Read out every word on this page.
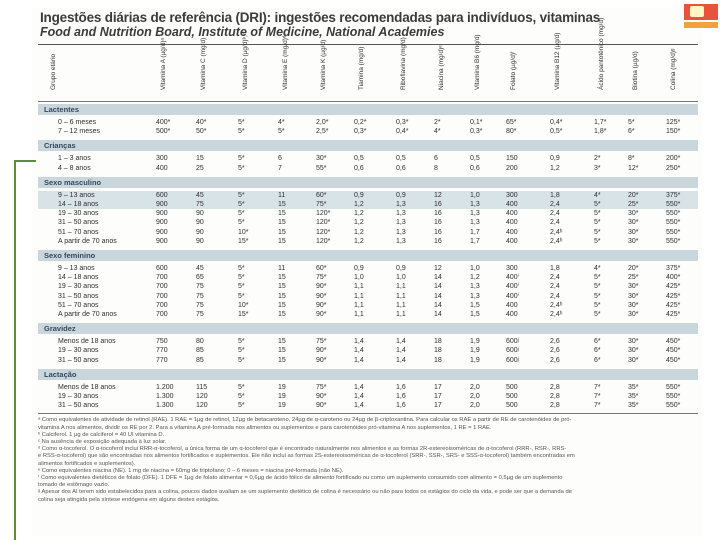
Ingestões diárias de referência (DRI): ingestões recomendadas para indivíduos, vitaminas
Food and Nutrition Board, Institute of Medicine, National Academies
Grupo etário	Vitamina A (µg/d)ᵃ	Vitamina C (mg/d)	Vitamina D (µg/d)ᵇ,ᶜ	Vitamina E (mg/d)ᵈ	Vitamina K (µg/d)	Tiamina (mg/d)	Riboflavina (mg/d)	Niacina (mg/d)ᵉ	Vitamina B6 (mg/d)	Folato (µg/d)ᶠ	Vitamina B12 (µg/d)	Ácido pantotênico (mg/d)	Biotina (µg/d)	Colina (mg/d)ᵍ
Lactentes
0 – 6 meses	400*	40*	5*	4*	2,0*	0,2*	0,3*	2*	0,1*	65*	0,4*	1,7*	5*	125*
7 – 12 meses	500*	50*	5*	5*	2,5*	0,3*	0,4*	4*	0,3*	80*	0,5*	1,8*	6*	150*
Crianças
1 – 3 anos	300	15	5*	6	30*	0,5	0,5	6	0,5	150	0,9	2*	8*	200*
4 – 8 anos	400	25	5*	7	55*	0,6	0,6	8	0,6	200	1,2	3*	12*	250*
Sexo masculino
9 – 13 anos	600	45	5*	11	60*	0,9	0,9	12	1,0	300	1,8	4*	20*	375*
14 – 18 anos	900	75	5*	15	75*	1,2	1,3	16	1,3	400	2,4	5*	25*	550*
19 – 30 anos	900	90	5*	15	120*	1,2	1,3	16	1,3	400	2,4	5*	30*	550*
31 – 50 anos	900	90	5*	15	120*	1,2	1,3	16	1,3	400	2,4	5*	30*	550*
51 – 70 anos	900	90	10*	15	120*	1,2	1,3	16	1,7	400	2,4ʰ	5*	30*	550*
A partir de 70 anos	900	90	15*	15	120*	1,2	1,3	16	1,7	400	2,4ʰ	5*	30*	550*
Sexo feminino
9 – 13 anos	600	45	5*	11	60*	0,9	0,9	12	1,0	300	1,8	4*	20*	375*
14 – 18 anos	700	65	5*	15	75*	1,0	1,0	14	1,2	400ⁱ	2,4	5*	25*	400*
19 – 30 anos	700	75	5*	15	90*	1,1	1,1	14	1,3	400ⁱ	2,4	5*	30*	425*
31 – 50 anos	700	75	5*	15	90*	1,1	1,1	14	1,3	400ⁱ	2,4	5*	30*	425*
51 – 70 anos	700	75	10*	15	90*	1,1	1,1	14	1,5	400	2,4ʰ	5*	30*	425*
A partir de 70 anos	700	75	15*	15	90*	1,1	1,1	14	1,5	400	2,4ʰ	5*	30*	425*
Gravidez
Menos de 18 anos	750	80	5*	15	75*	1,4	1,4	18	1,9	600ʲ	2,6	6*	30*	450*
19 – 30 anos	770	85	5*	15	90*	1,4	1,4	18	1,9	600ʲ	2,6	6*	30*	450*
31 – 50 anos	770	85	5*	15	90*	1,4	1,4	18	1,9	600ʲ	2,6	6*	30*	450*
Lactação
Menos de 18 anos	1.200	115	5*	19	75*	1,4	1,6	17	2,0	500	2,8	7*	35*	550*
19 – 30 anos	1.300	120	5*	19	90*	1,4	1,6	17	2,0	500	2,8	7*	35*	550*
31 – 50 anos	1.300	120	5*	19	90*	1,4	1,6	17	2,0	500	2,8	7*	35*	550*
ᵃ Como equivalentes de atividade de retinol (RAE). 1 RAE = 1µg de retinol, 12µg de betacaroteno, 24µg de α-caroteno ou 24µg de β-criptoxantina. Para calcular os RAE a partir de RE de carotenóides de pró-
vitamina A nos alimentos, dividir os RE por 2. Para a vitamina A pré-formada nos alimentos ou suplementos e para carotenóides pró-vitamina A nos suplementos, 1 RE = 1 RAE.
ᵇ Calciferol. 1 µg de calciferol = 40 UI vitamina D.
ᶜ Na ausência de exposição adequada à luz solar.
ᵈ Como α-tocoferol. O α-tocoferol inclui RRR-α-tocoferol, a única forma de um α-tocoferol que é encontrado naturalmente nos alimentos e as formas 2R-estereoisoméricas de α-tocoferol (RRR-, RSR-, RRS-
e RSS-α-tocoferol) que são encontradas nos alimentos fortificados e suplementos. Ele não inclui as formas 2S-estereoisoméricas de α-tocoferol (SRR-, SSR-, SRS- e SSS-α-tocoferol) também encontradas em
alimentos fortificados e suplementos).
ᵉ Como equivalentes niacina (NE). 1 mg de niacina = 60mg de triptofano; 0 – 6 meses = niacina pré-formada (não NE).
ᶠ Como equivalentes dietéticos de folato (DFE). 1 DFE = 1µg de folato alimentar = 0,6µg de ácido fólico de alimento fortificado ou como um suplemento consumido com alimento = 0,5µg de um suplemento
tomado de estômago vazio.
ᵍ Apesar dos AI terem sido estabelecidos para a colina, poucos dados avaliam se um suplemento dietético de colina é necessário ou não para todos os estágios do ciclo da vida, e pode ser que a demanda de
colina seja atingida pela síntese endógena em alguns destes estágios.
